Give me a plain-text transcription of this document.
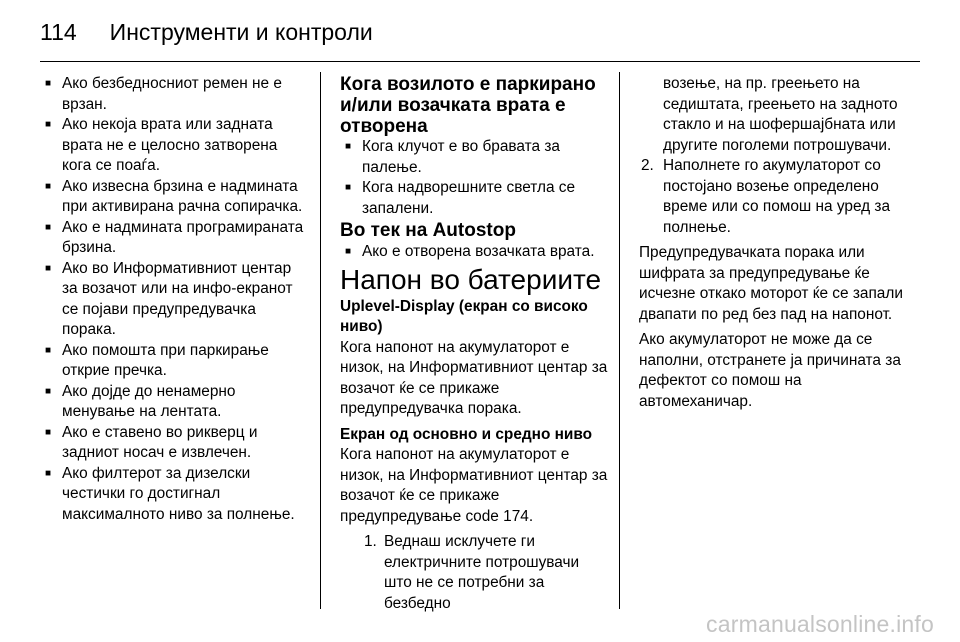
114 Инструменти и контроли

■ Ако безбедносниот ремен не е врзан.

■ Ако некоја врата или задната врата не е целосно затворена кога се поаѓа.

■ Ако извесна брзина е надмината при активирана рачна сопирачка.

■ Ако е надмината програмираната брзина.

■ Ако во Информативниот центар за возачот или на инфо-екранот се појави предупредувачка порака.

■ Ако помошта при паркирање открие пречка.

■ Ако дојде до ненамерно менување на лентата.

■ Ако е ставено во рикверц и задниот носач е извлечен.

■ Ако филтерот за дизелски честички го достигнал максималното ниво за полнење.

Кога возилото е паркирано и/или возачката врата е отворена

■ Кога клучот е во бравата за палење.

■ Кога надворешните светла се запалени.

Во тек на Autostop

■ Ако е отворена возачката врата.

Напон во батериите

Uplevel-Display (екран со високо ниво)

Кога напонот на акумулаторот е низок, на Информативниот центар за возачот ќе се прикаже предупредувачка порака.

Екран од основно и средно ниво

Кога напонот на акумулаторот е низок, на Информативниот центар за возачот ќе се прикаже предупредување code 174.

1. Веднаш исклучете ги електричните потрошувачи што не се потребни за безбедно

возење, на пр. греењето на седиштата, греењето на задното стакло и на шофершајбната или другите поголеми потрошувачи.

2. Наполнете го акумулаторот со постојано возење определено време или со помош на уред за полнење.

Предупредувачката порака или шифрата за предупредување ќе исчезне откако моторот ќе се запали двапати по ред без пад на напонот.

Ако акумулаторот не може да се наполни, отстранете ја причината за дефектот со помош на автомеханичар.

carmanualsonline.info
